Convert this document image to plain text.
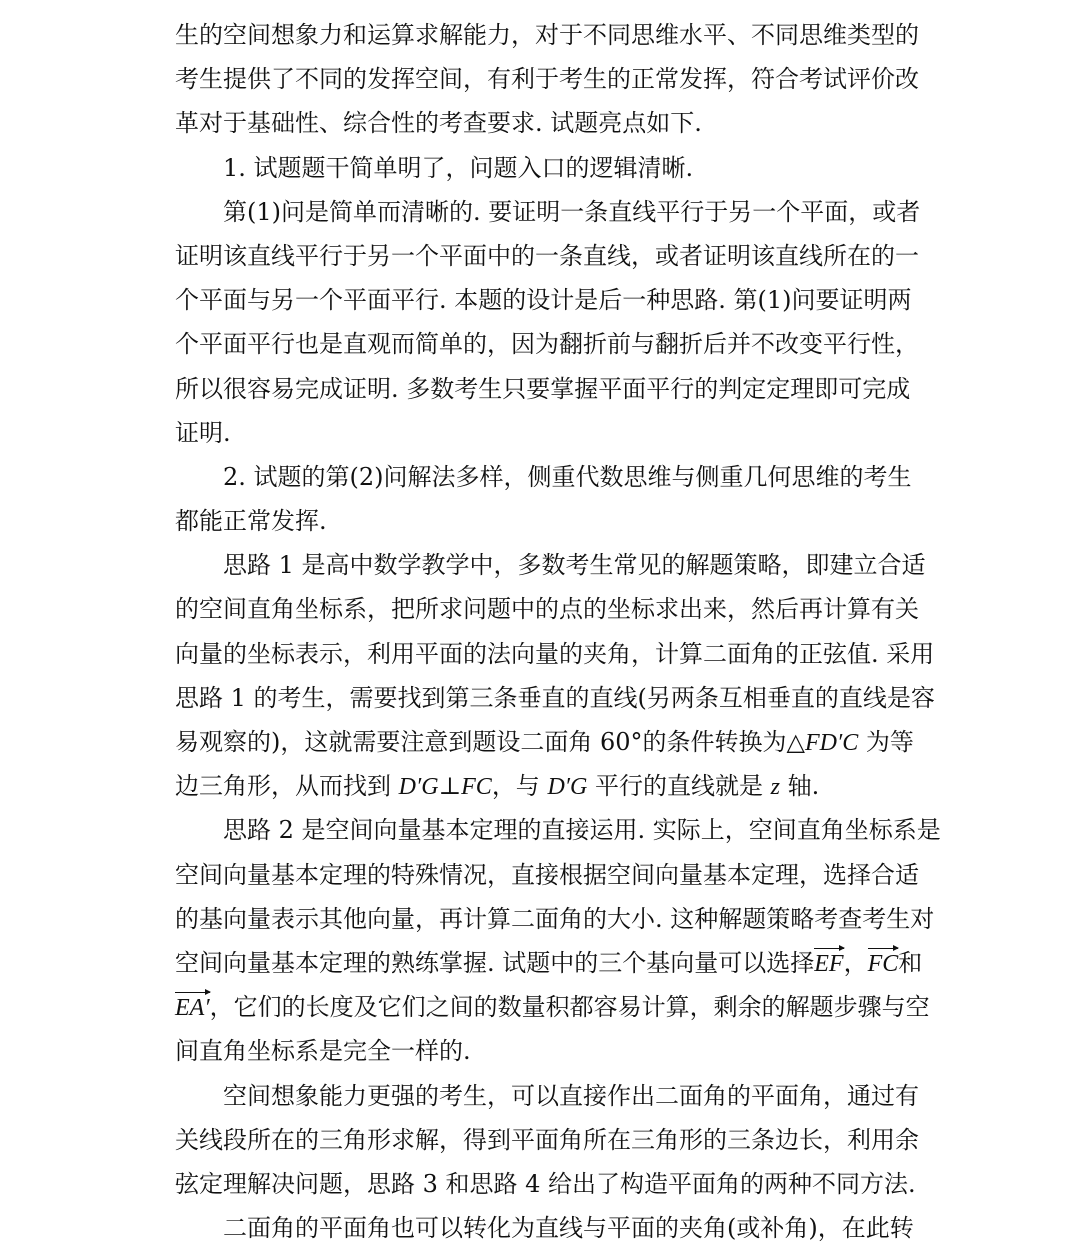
生的空间想象力和运算求解能力，对于不同思维水平、不同思维类型的
考生提供了不同的发挥空间，有利于考生的正常发挥，符合考试评价改
革对于基础性、综合性的考查要求. 试题亮点如下.
1. 试题题干简单明了，问题入口的逻辑清晰.
第(1)问是简单而清晰的. 要证明一条直线平行于另一个平面，或者
证明该直线平行于另一个平面中的一条直线，或者证明该直线所在的一
个平面与另一个平面平行. 本题的设计是后一种思路. 第(1)问要证明两
个平面平行也是直观而简单的，因为翻折前与翻折后并不改变平行性，
所以很容易完成证明. 多数考生只要掌握平面平行的判定定理即可完成
证明.
2. 试题的第(2)问解法多样，侧重代数思维与侧重几何思维的考生
都能正常发挥.
思路 1 是高中数学教学中，多数考生常见的解题策略，即建立合适
的空间直角坐标系，把所求问题中的点的坐标求出来，然后再计算有关
向量的坐标表示，利用平面的法向量的夹角，计算二面角的正弦值. 采用
思路 1 的考生，需要找到第三条垂直的直线(另两条互相垂直的直线是容
易观察的)，这就需要注意到题设二面角 60°的条件转换为△FD′C 为等
边三角形，从而找到 D′G⊥FC，与 D′G 平行的直线就是 z 轴.
思路 2 是空间向量基本定理的直接运用. 实际上，空间直角坐标系是
空间向量基本定理的特殊情况，直接根据空间向量基本定理，选择合适
的基向量表示其他向量，再计算二面角的大小. 这种解题策略考查考生对
空间向量基本定理的熟练掌握. 试题中的三个基向量可以选择EF，FC和
EA′，它们的长度及它们之间的数量积都容易计算，剩余的解题步骤与空
间直角坐标系是完全一样的.
空间想象能力更强的考生，可以直接作出二面角的平面角，通过有
关线段所在的三角形求解，得到平面角所在三角形的三条边长，利用余
弦定理解决问题，思路 3 和思路 4 给出了构造平面角的两种不同方法.
二面角的平面角也可以转化为直线与平面的夹角(或补角)，在此转
